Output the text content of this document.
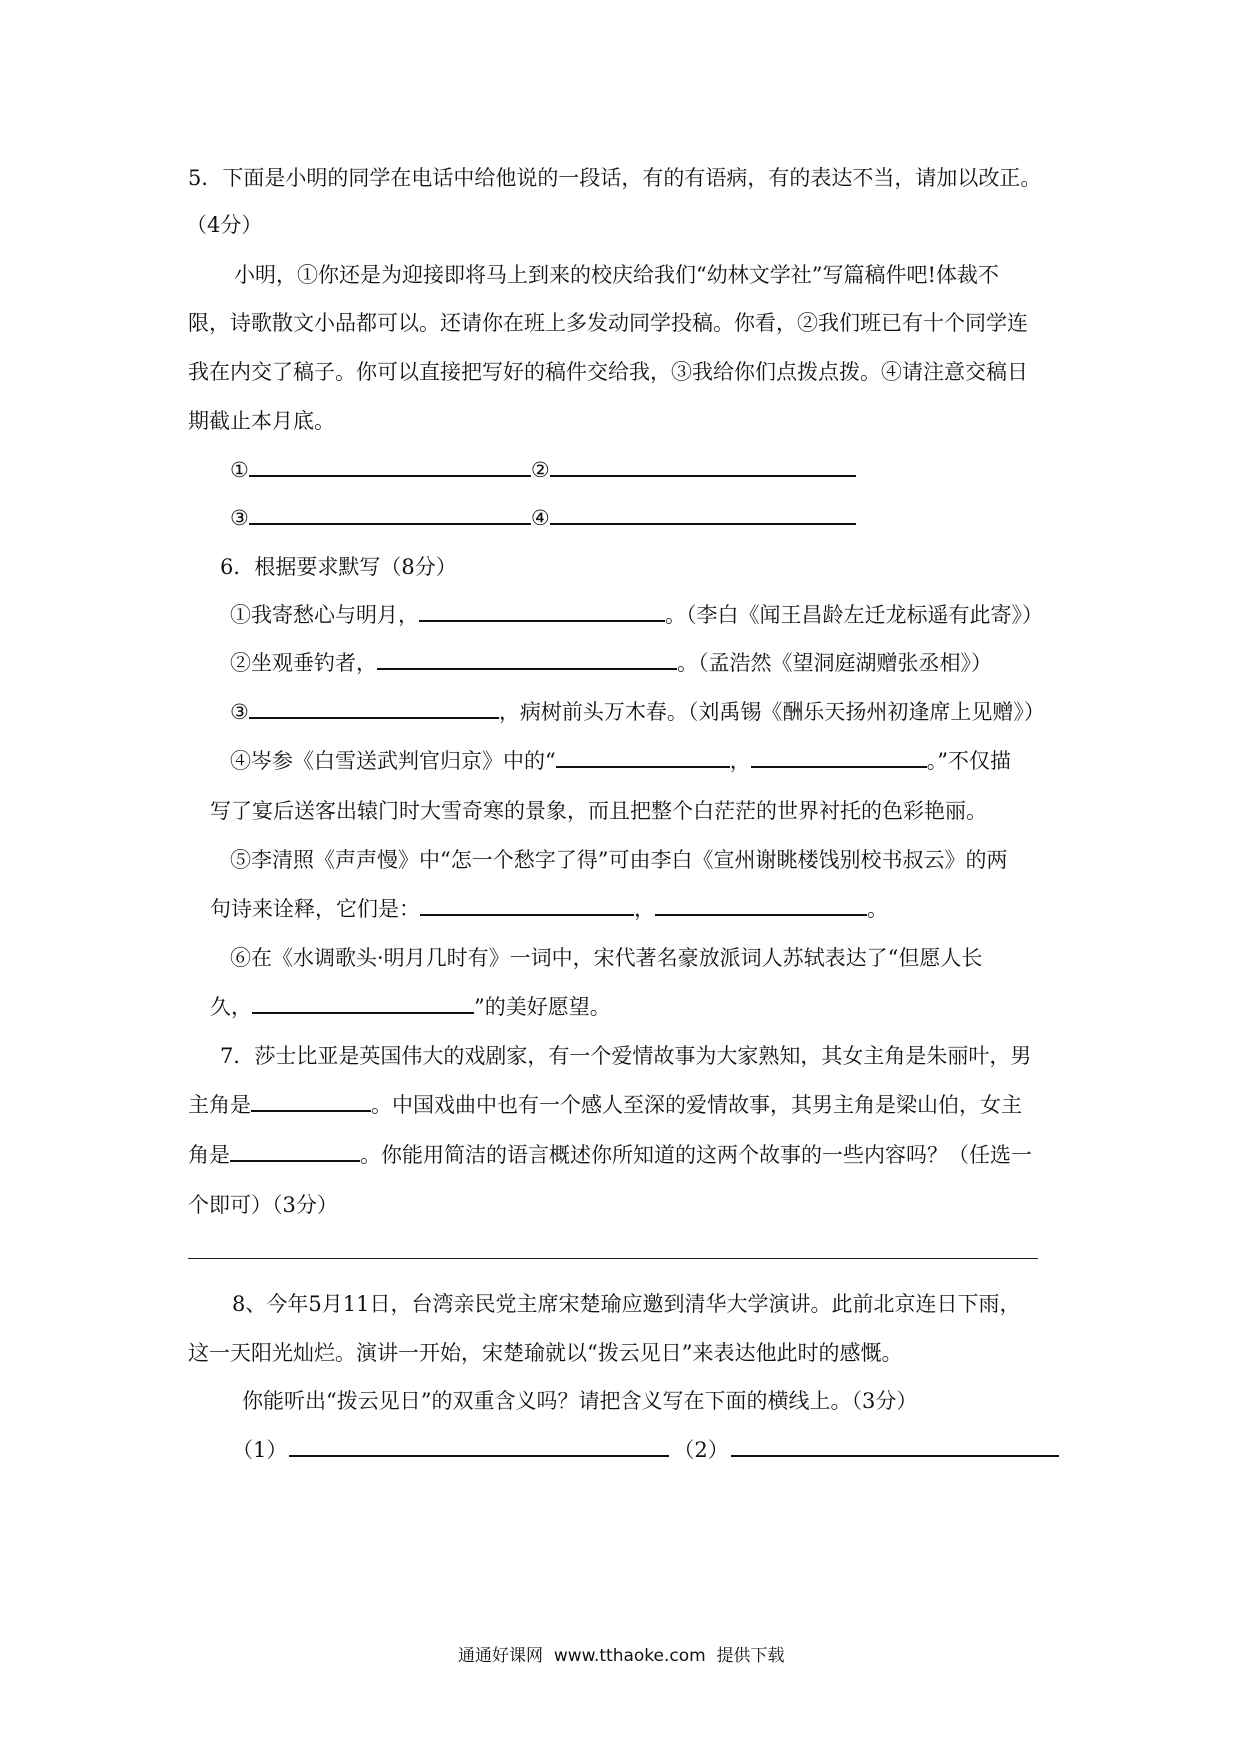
5．下面是小明的同学在电话中给他说的一段话，有的有语病，有的表达不当，请加以改正。
（4分）
小明，①你还是为迎接即将马上到来的校庆给我们“幼林文学社”写篇稿件吧!体裁不
限，诗歌散文小品都可以。还请你在班上多发动同学投稿。你看，②我们班已有十个同学连
我在内交了稿子。你可以直接把写好的稿件交给我，③我给你们点拨点拨。④请注意交稿日
期截止本月底。
①	②
③	④
6．根据要求默写（8分）
①我寄愁心与明月，	。（李白《闻王昌龄左迁龙标遥有此寄》）
②坐观垂钓者，	。（孟浩然《望洞庭湖赠张丞相》）
③	，病树前头万木春。（刘禹锡《酬乐天扬州初逢席上见赠》）
④岑参《白雪送武判官归京》中的“	，	。”不仅描
写了宴后送客出辕门时大雪奇寒的景象，而且把整个白茫茫的世界衬托的色彩艳丽。
⑤李清照《声声慢》中“怎一个愁字了得”可由李白《宣州谢眺楼饯别校书叔云》的两
句诗来诠释，它们是：	，	。
⑥在《水调歌头·明月几时有》一词中，宋代著名豪放派词人苏轼表达了“但愿人长
久，	”的美好愿望。
7．莎士比亚是英国伟大的戏剧家，有一个爱情故事为大家熟知，其女主角是朱丽叶，男
主角是	。中国戏曲中也有一个感人至深的爱情故事，其男主角是梁山伯，女主
角是	。你能用简洁的语言概述你所知道的这两个故事的一些内容吗？（任选一
个即可）（3分）
8、今年5月11日，台湾亲民党主席宋楚瑜应邀到清华大学演讲。此前北京连日下雨，
这一天阳光灿烂。演讲一开始，宋楚瑜就以“拨云见日”来表达他此时的感慨。
你能听出“拨云见日”的双重含义吗？请把含义写在下面的横线上。（3分）
（1）	（2）
通通好课网 www.tthaoke.com 提供下载
